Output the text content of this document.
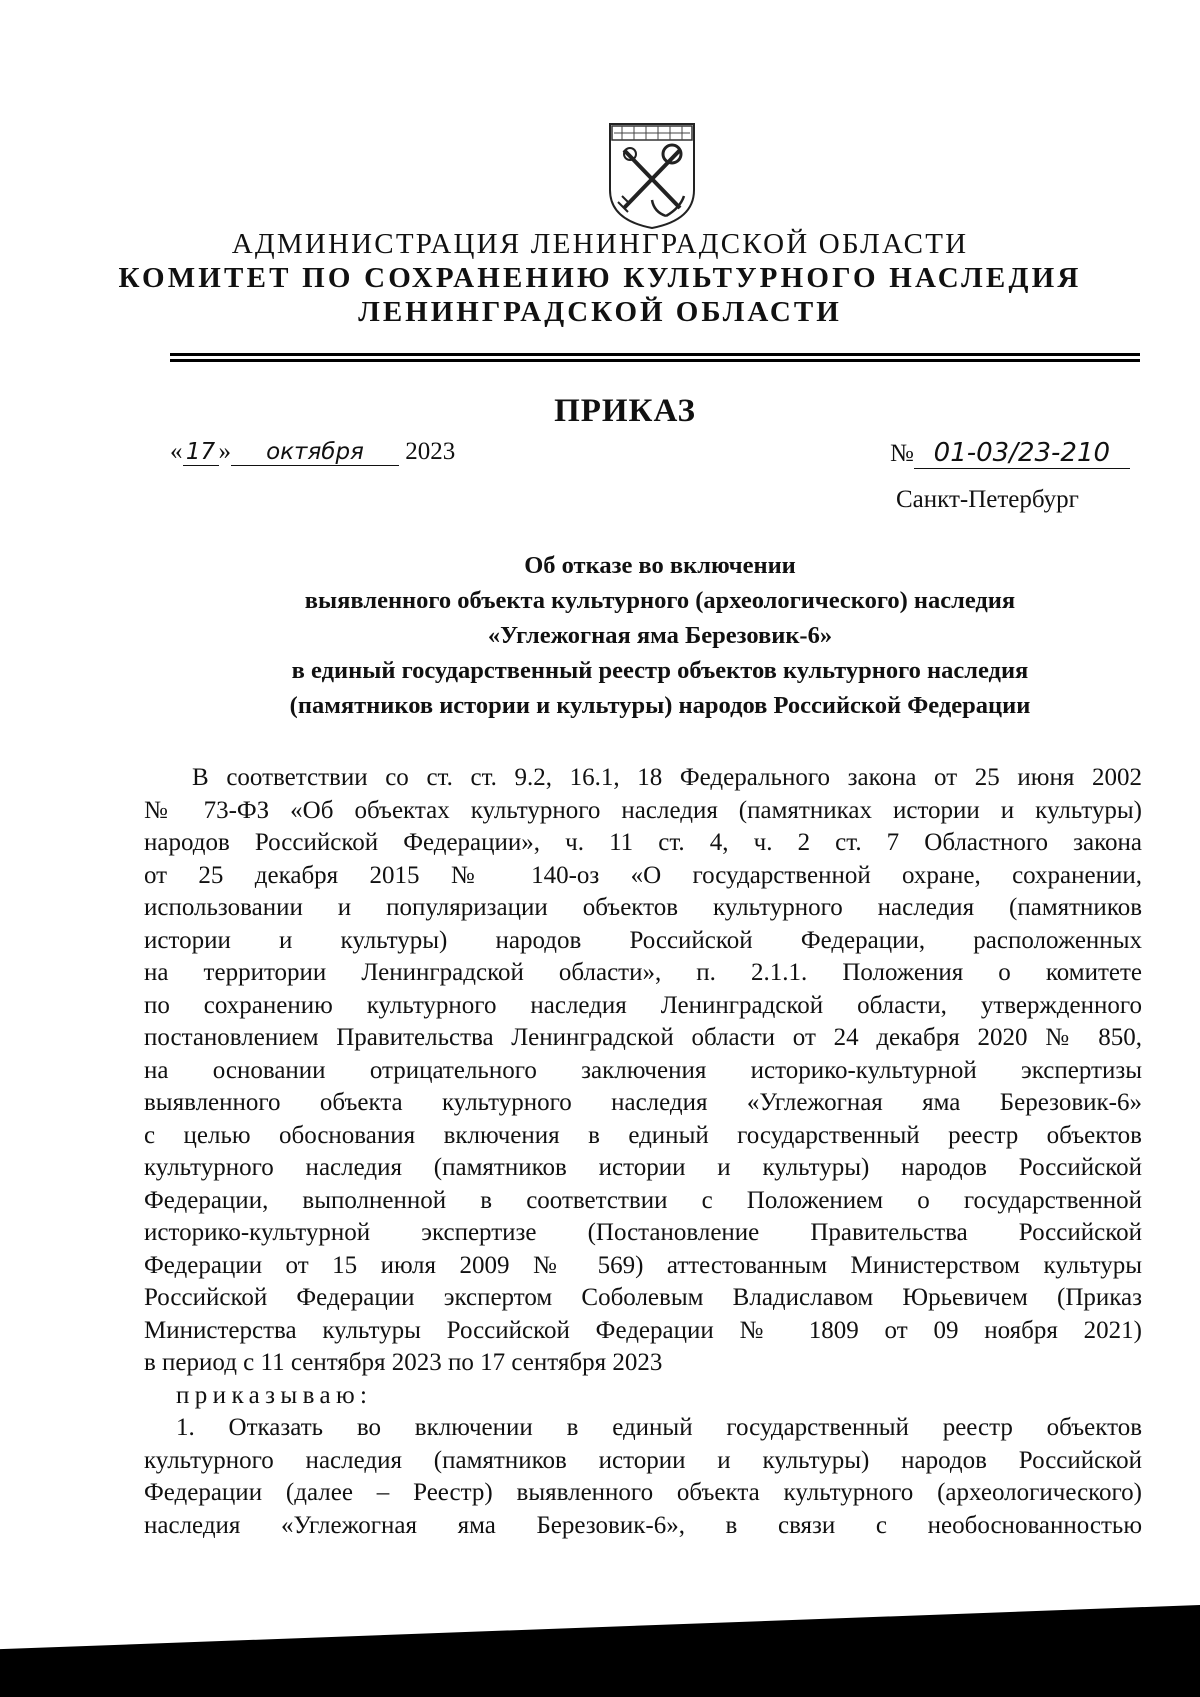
АДМИНИСТРАЦИЯ ЛЕНИНГРАДСКОЙ ОБЛАСТИ
КОМИТЕТ ПО СОХРАНЕНИЮ КУЛЬТУРНОГО НАСЛЕДИЯ
ЛЕНИНГРАДСКОЙ ОБЛАСТИ
ПРИКАЗ
« 17 » октября 2023	№ 01-03/23-210
Санкт-Петербург
Об отказе во включении
выявленного объекта культурного (археологического) наследия
«Углежогная яма Березовик-6»
в единый государственный реестр объектов культурного наследия
(памятников истории и культуры) народов Российской Федерации
В соответствии со ст. ст. 9.2, 16.1, 18 Федерального закона от 25 июня 2002
№ 73-ФЗ «Об объектах культурного наследия (памятниках истории и культуры)
народов Российской Федерации», ч. 11 ст. 4, ч. 2 ст. 7 Областного закона
от 25 декабря 2015 № 140-оз «О государственной охране, сохранении,
использовании и популяризации объектов культурного наследия (памятников
истории и культуры) народов Российской Федерации, расположенных
на территории Ленинградской области», п. 2.1.1. Положения о комитете
по сохранению культурного наследия Ленинградской области, утвержденного
постановлением Правительства Ленинградской области от 24 декабря 2020 № 850,
на основании отрицательного заключения историко-культурной экспертизы
выявленного объекта культурного наследия «Углежогная яма Березовик-6»
с целью обоснования включения в единый государственный реестр объектов
культурного наследия (памятников истории и культуры) народов Российской
Федерации, выполненной в соответствии с Положением о государственной
историко-культурной экспертизе (Постановление Правительства Российской
Федерации от 15 июля 2009 № 569) аттестованным Министерством культуры
Российской Федерации экспертом Соболевым Владиславом Юрьевичем (Приказ
Министерства культуры Российской Федерации № 1809 от 09 ноября 2021)
в период с 11 сентября 2023 по 17 сентября 2023
приказываю:
1. Отказать во включении в единый государственный реестр объектов
культурного наследия (памятников истории и культуры) народов Российской
Федерации (далее – Реестр) выявленного объекта культурного (археологического)
наследия «Углежогная яма Березовик-6», в связи с необоснованностью
